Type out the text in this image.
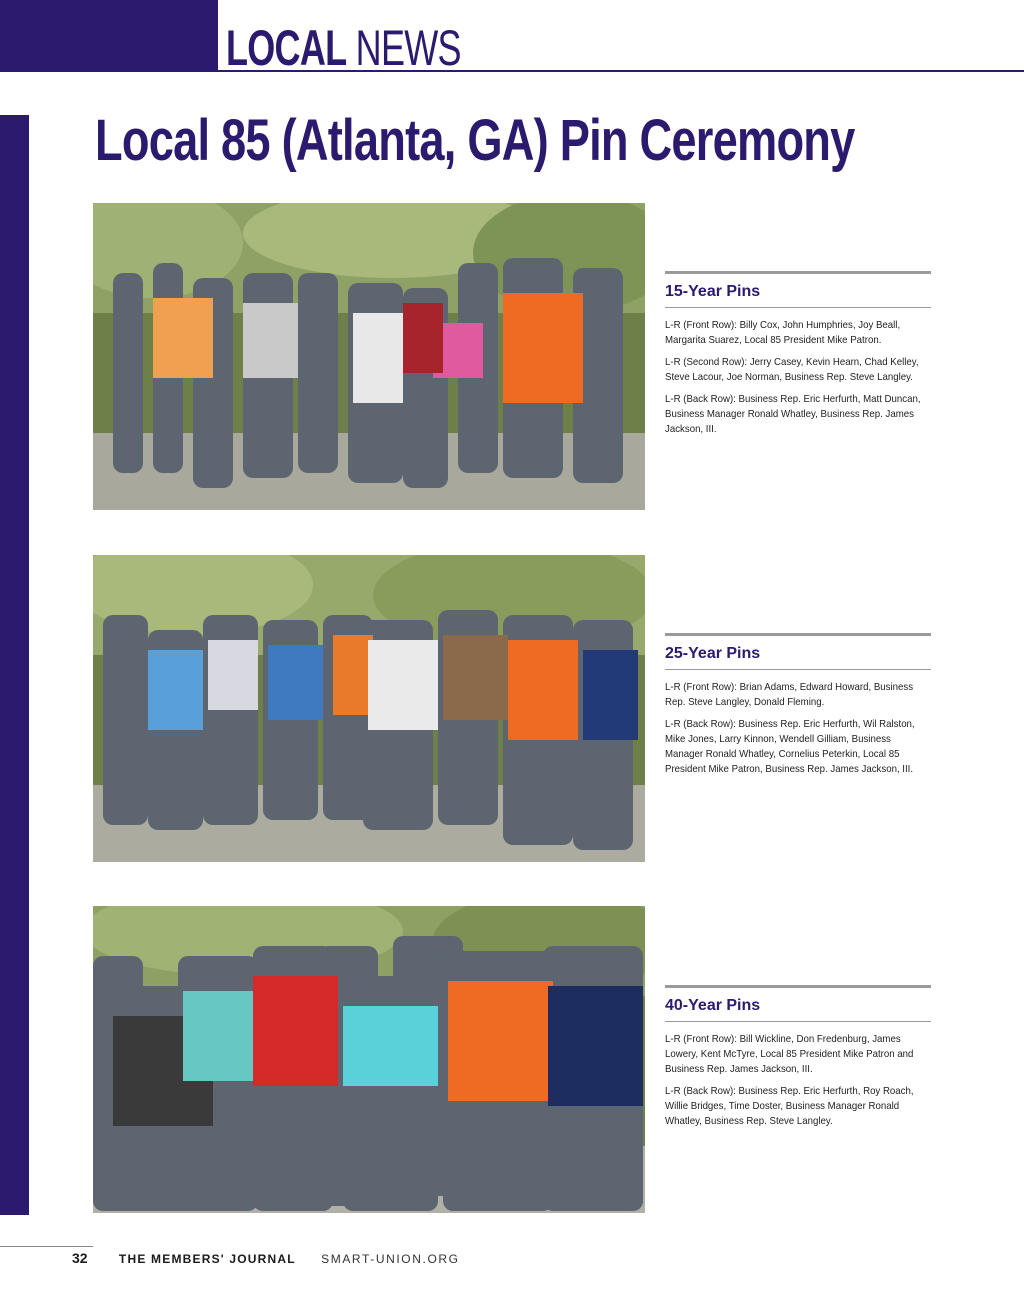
LOCAL NEWS
Local 85 (Atlanta, GA) Pin Ceremony
15-Year Pins

L-R (Front Row): Billy Cox, John Humphries, Joy Beall, Margarita Suarez, Local 85 President Mike Patron.

L-R (Second Row): Jerry Casey, Kevin Hearn, Chad Kelley, Steve Lacour, Joe Norman, Business Rep. Steve Langley.

L-R (Back Row): Business Rep. Eric Herfurth, Matt Duncan, Business Manager Ronald Whatley, Business Rep. James Jackson, III.

25-Year Pins

L-R (Front Row): Brian Adams, Edward Howard, Business Rep. Steve Langley, Donald Fleming.

L-R (Back Row): Business Rep. Eric Herfurth, Wil Ralston, Mike Jones, Larry Kinnon, Wendell Gilliam, Business Manager Ronald Whatley, Cornelius Peterkin, Local 85 President Mike Patron, Business Rep. James Jackson, III.

40-Year Pins

L-R (Front Row): Bill Wickline, Don Fredenburg, James Lowery, Kent McTyre, Local 85 President Mike Patron and Business Rep. James Jackson, III.

L-R (Back Row): Business Rep. Eric Herfurth, Roy Roach, Willie Bridges, Time Doster, Business Manager Ronald Whatley, Business Rep. Steve Langley.

32	THE MEMBERS' JOURNAL SMART-UNION.ORG
